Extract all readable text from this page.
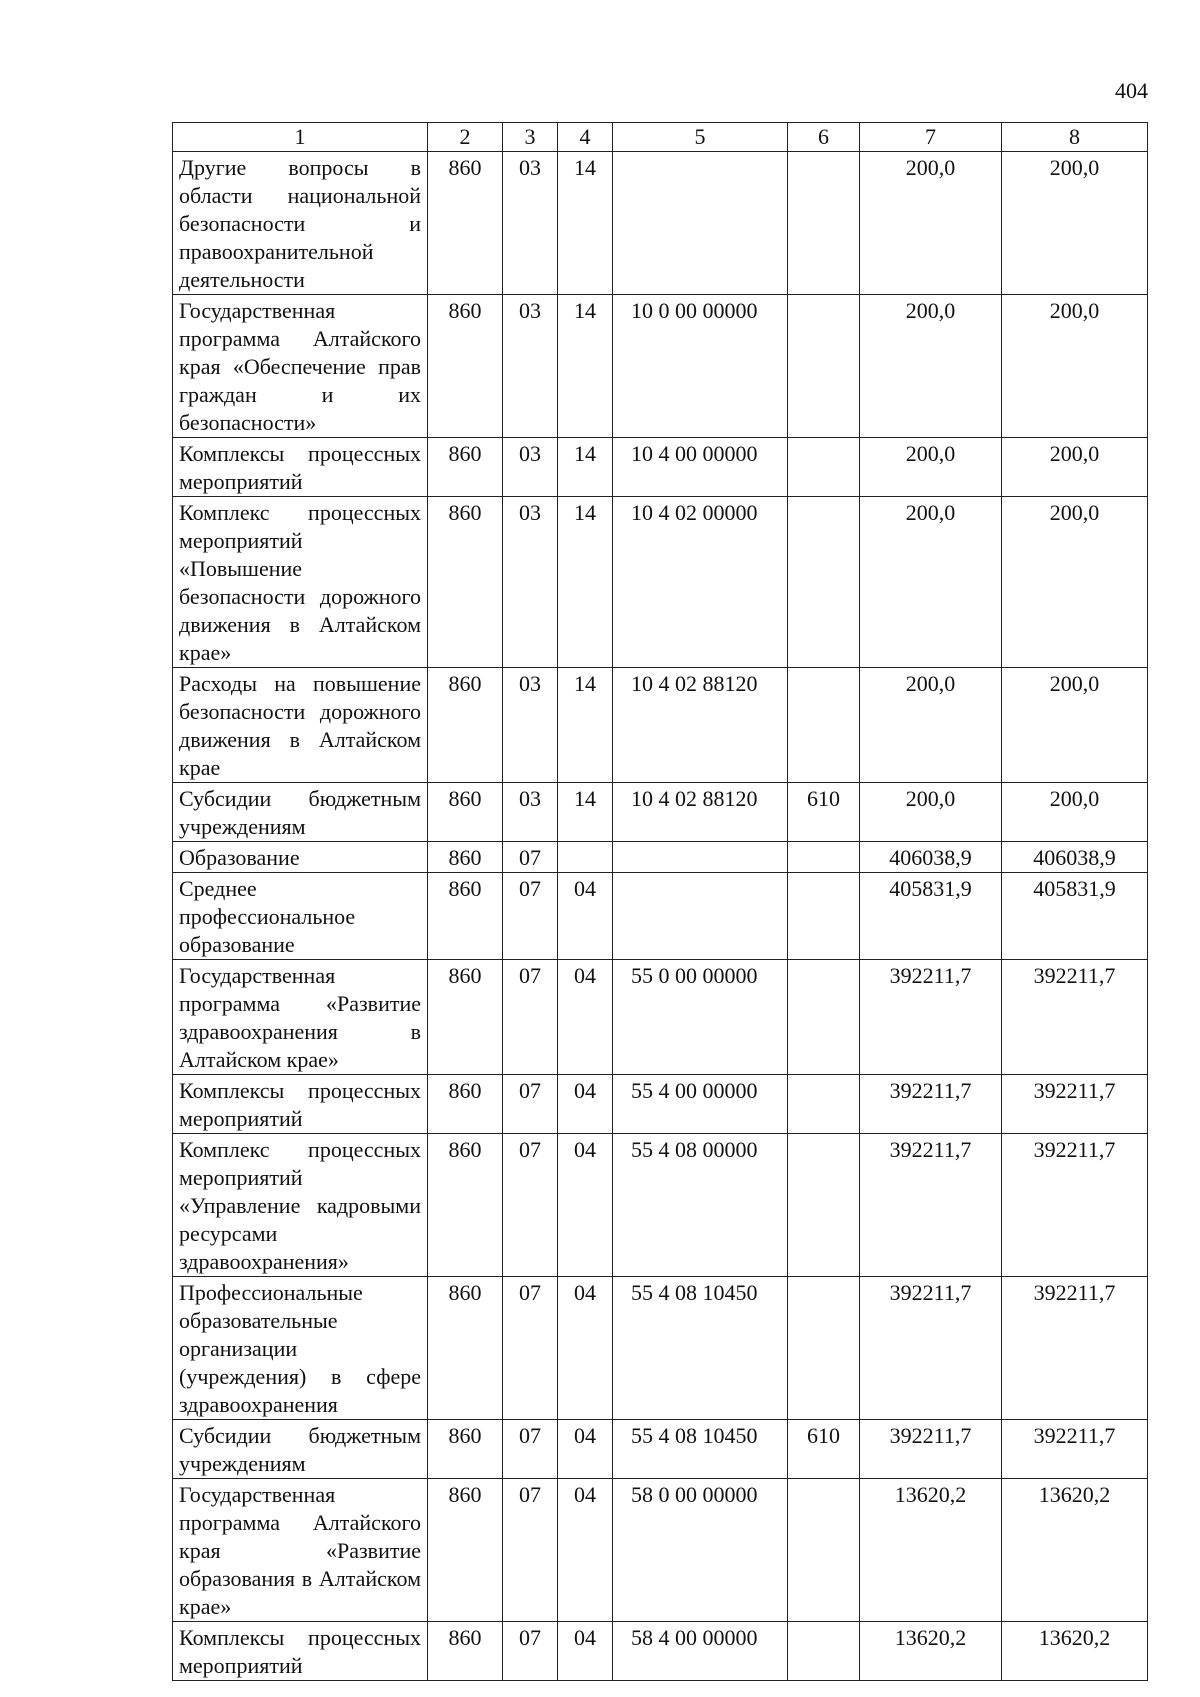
404
1	2	3	4	5	6	7	8
Другие вопросы в области национальной безопасности и правоохранительной деятельности	860	03	14			200,0	200,0
Государственная программа Алтайского края «Обеспечение прав граждан и их безопасности»	860	03	14	10 0 00 00000		200,0	200,0
Комплексы процессных мероприятий	860	03	14	10 4 00 00000		200,0	200,0
Комплекс процессных мероприятий «Повышение безопасности дорожного движения в Алтайском крае»	860	03	14	10 4 02 00000		200,0	200,0
Расходы на повышение безопасности дорожного движения в Алтайском крае	860	03	14	10 4 02 88120		200,0	200,0
Субсидии бюджетным учреждениям	860	03	14	10 4 02 88120	610	200,0	200,0
Образование	860	07				406038,9	406038,9
Среднее профессиональное образование	860	07	04			405831,9	405831,9
Государственная программа «Развитие здравоохранения в Алтайском крае»	860	07	04	55 0 00 00000		392211,7	392211,7
Комплексы процессных мероприятий	860	07	04	55 4 00 00000		392211,7	392211,7
Комплекс процессных мероприятий «Управление кадровыми ресурсами здравоохранения»	860	07	04	55 4 08 00000		392211,7	392211,7
Профессиональные образовательные организации (учреждения) в сфере здравоохранения	860	07	04	55 4 08 10450		392211,7	392211,7
Субсидии бюджетным учреждениям	860	07	04	55 4 08 10450	610	392211,7	392211,7
Государственная программа Алтайского края «Развитие образования в Алтайском крае»	860	07	04	58 0 00 00000		13620,2	13620,2
Комплексы процессных мероприятий	860	07	04	58 4 00 00000		13620,2	13620,2
